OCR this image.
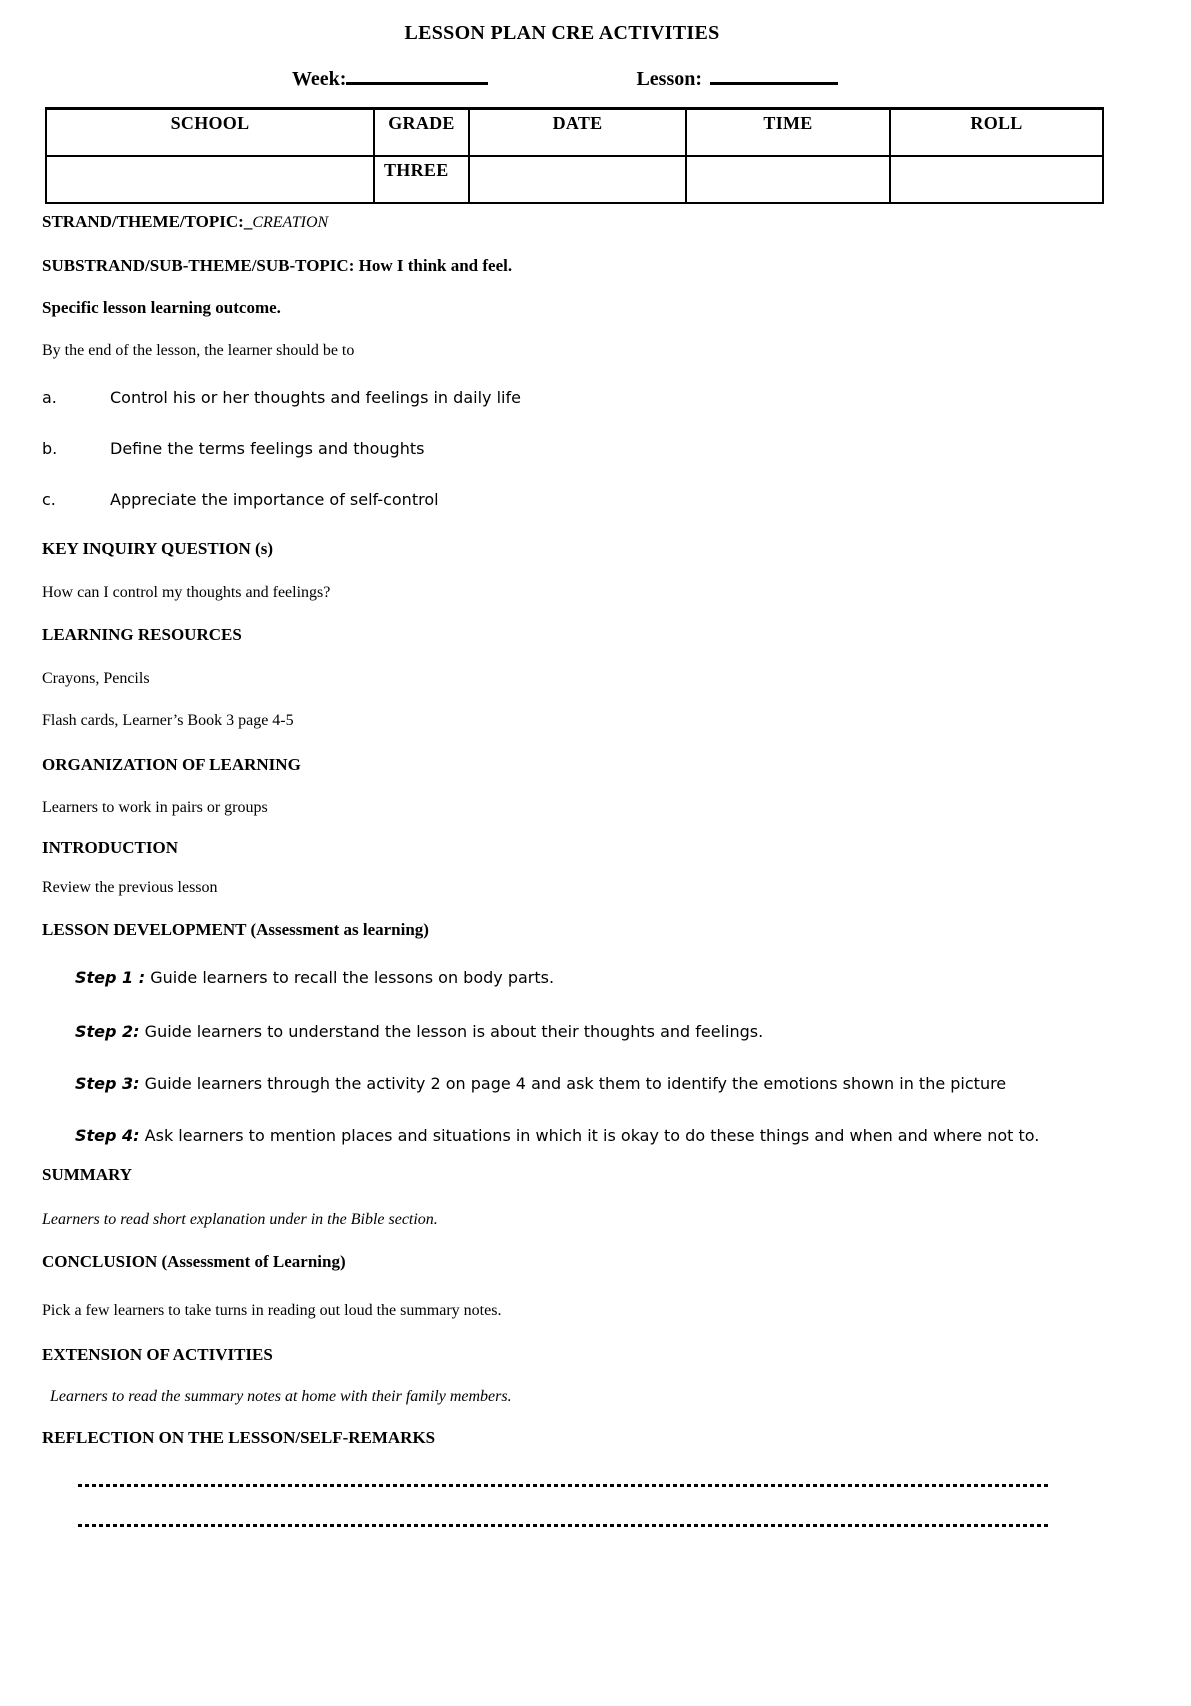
LESSON PLAN CRE ACTIVITIES
Week:	Lesson:
SCHOOL	GRADE	DATE	TIME	ROLL
	THREE			

STRAND/THEME/TOPIC:_CREATION

SUBSTRAND/SUB-THEME/SUB-TOPIC: How I think and feel.

Specific lesson learning outcome.

By the end of the lesson, the learner should be to

a.	Control his or her thoughts and feelings in daily life
b.	Define the terms feelings and thoughts
c.	Appreciate the importance of self-control

KEY INQUIRY QUESTION (s)

How can I control my thoughts and feelings?

LEARNING RESOURCES

Crayons, Pencils

Flash cards, Learner’s Book 3 page 4-5

ORGANIZATION OF LEARNING

Learners to work in pairs or groups

INTRODUCTION

Review the previous lesson

LESSON DEVELOPMENT (Assessment as learning)

Step 1 : Guide learners to recall the lessons on body parts.
Step 2: Guide learners to understand the lesson is about their thoughts and feelings.
Step 3: Guide learners through the activity 2 on page 4 and ask them to identify the emotions shown in the picture
Step 4: Ask learners to mention places and situations in which it is okay to do these things and when and where not to.

SUMMARY

Learners to read short explanation under in the Bible section.

CONCLUSION (Assessment of Learning)

Pick a few learners to take turns in reading out loud the summary notes.

EXTENSION OF ACTIVITIES

Learners to read the summary notes at home with their family members.

REFLECTION ON THE LESSON/SELF-REMARKS
